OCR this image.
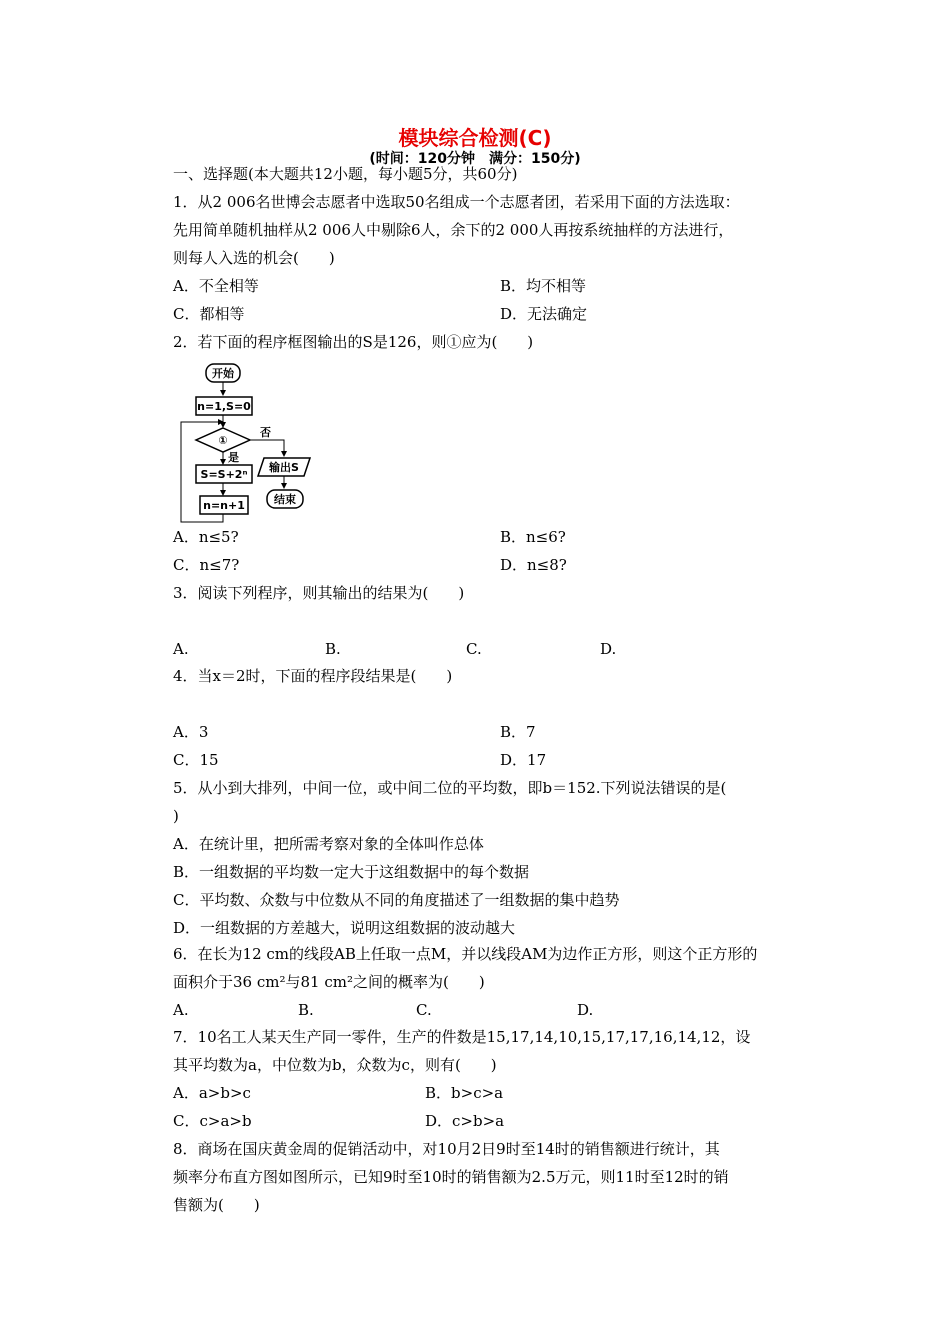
模块综合检测(C)
(时间：120分钟　满分：150分)
一、选择题(本大题共12小题，每小题5分，共60分)
1．从2 006名世博会志愿者中选取50名组成一个志愿者团，若采用下面的方法选取：
先用简单随机抽样从2 006人中剔除6人，余下的2 000人再按系统抽样的方法进行，
则每人入选的机会(　　)
A．不全相等	B．均不相等
C．都相等	D．无法确定
2．若下面的程序框图输出的S是126，则①应为(　　)
开始
n=1,S=0
①
否
输出S
结束
是
S=S+2ⁿ
n=n+1
A．n≤5?	B．n≤6?
C．n≤7?	D．n≤8?
3．阅读下列程序，则其输出的结果为(　　)
A.	B.	C.	D.
4．当x＝2时，下面的程序段结果是(　　)
A．3	B．7
C．15	D．17
5．从小到大排列，中间一位，或中间二位的平均数，即b＝152.下列说法错误的是(
)
A．在统计里，把所需考察对象的全体叫作总体
B．一组数据的平均数一定大于这组数据中的每个数据
C．平均数、众数与中位数从不同的角度描述了一组数据的集中趋势
D．一组数据的方差越大，说明这组数据的波动越大
6．在长为12 cm的线段AB上任取一点M，并以线段AM为边作正方形，则这个正方形的
面积介于36 cm²与81 cm²之间的概率为(　　)
A.	B.	C.	D.
7．10名工人某天生产同一零件，生产的件数是15,17,14,10,15,17,17,16,14,12，设
其平均数为a，中位数为b，众数为c，则有(　　)
A．a>b>c	B．b>c>a
C．c>a>b	D．c>b>a
8．商场在国庆黄金周的促销活动中，对10月2日9时至14时的销售额进行统计，其
频率分布直方图如图所示，已知9时至10时的销售额为2.5万元，则11时至12时的销
售额为(　　)
